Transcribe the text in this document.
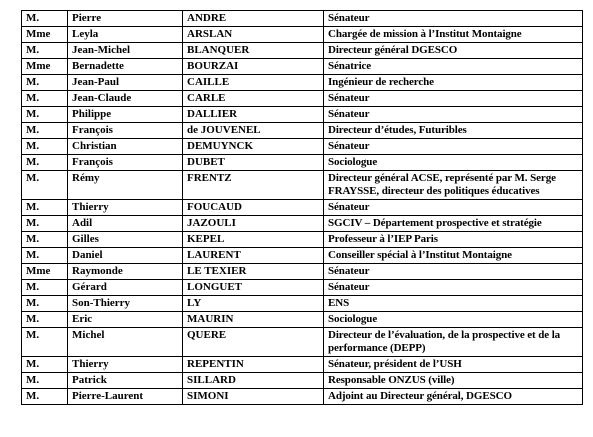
M.	Pierre	ANDRE	Sénateur
Mme	Leyla	ARSLAN	Chargée de mission à l’Institut Montaigne
M.	Jean-Michel	BLANQUER	Directeur général DGESCO
Mme	Bernadette	BOURZAI	Sénatrice
M.	Jean-Paul	CAILLE	Ingénieur de recherche
M.	Jean-Claude	CARLE	Sénateur
M.	Philippe	DALLIER	Sénateur
M.	François	de JOUVENEL	Directeur d’études, Futuribles
M.	Christian	DEMUYNCK	Sénateur
M.	François	DUBET	Sociologue
M.	Rémy	FRENTZ	Directeur général ACSE, représenté par M. Serge FRAYSSE, directeur des politiques éducatives
M.	Thierry	FOUCAUD	Sénateur
M.	Adil	JAZOULI	SGCIV – Département prospective et stratégie
M.	Gilles	KEPEL	Professeur à l’IEP Paris
M.	Daniel	LAURENT	Conseiller spécial à l’Institut Montaigne
Mme	Raymonde	LE TEXIER	Sénateur
M.	Gérard	LONGUET	Sénateur
M.	Son-Thierry	LY	ENS
M.	Eric	MAURIN	Sociologue
M.	Michel	QUERE	Directeur de l’évaluation, de la prospective et de la performance (DEPP)
M.	Thierry	REPENTIN	Sénateur, président de l’USH
M.	Patrick	SILLARD	Responsable ONZUS (ville)
M.	Pierre-Laurent	SIMONI	Adjoint au Directeur général, DGESCO
